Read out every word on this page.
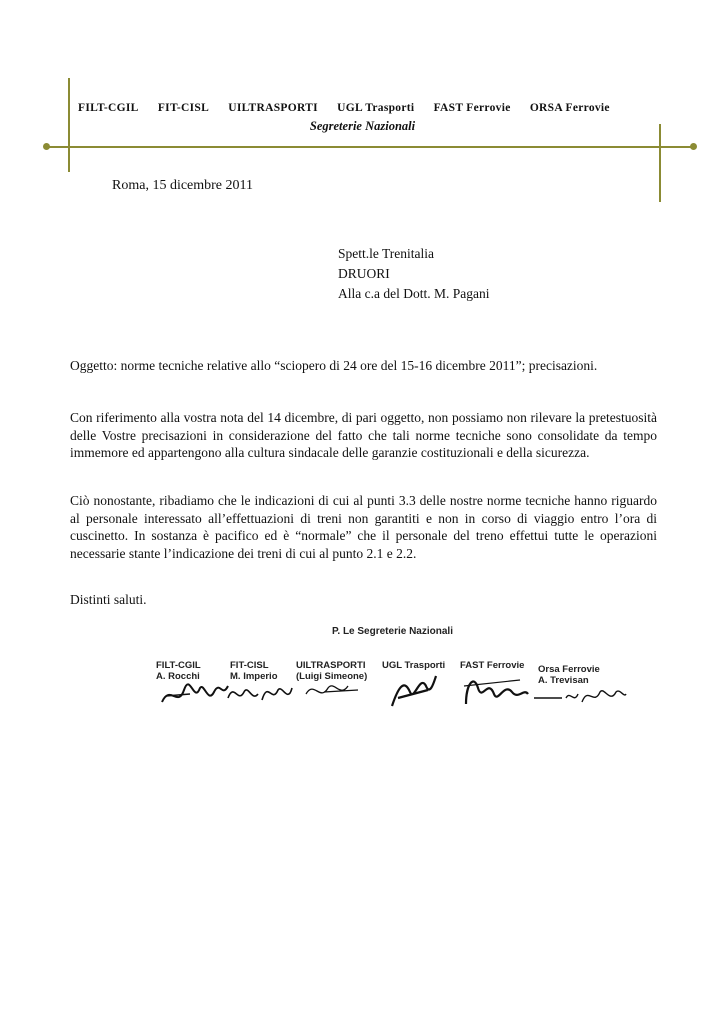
FILT-CGIL FIT-CISL UILTRASPORTI UGL Trasporti FAST Ferrovie ORSA Ferrovie
Segreterie Nazionali
Roma, 15 dicembre 2011
Spett.le Trenitalia
DRUORI
Alla c.a del Dott. M. Pagani
Oggetto: norme tecniche relative allo “sciopero di 24 ore del 15-16 dicembre 2011”; precisazioni.
Con riferimento alla vostra nota del 14 dicembre, di pari oggetto, non possiamo non rilevare la pretestuosità delle Vostre precisazioni in considerazione del fatto che tali norme tecniche sono consolidate da tempo immemore ed appartengono alla cultura sindacale delle garanzie costituzionali e della sicurezza.
Ciò nonostante, ribadiamo che le indicazioni di cui al punti 3.3 delle nostre norme tecniche hanno riguardo al personale interessato all’effettuazioni di treni non garantiti e non in corso di viaggio entro l’ora di cuscinetto. In sostanza è pacifico ed è “normale” che il personale del treno effettui tutte le operazioni necessarie stante l’indicazione dei treni di cui al punto 2.1 e 2.2.
Distinti saluti.
P. Le Segreterie Nazionali
FILT-CGIL
A. Rocchi
FIT-CISL
M. Imperio
UILTRASPORTI
(Luigi Simeone)
UGL Trasporti FAST Ferrovie Orsa Ferrovie
A. Trevisan
